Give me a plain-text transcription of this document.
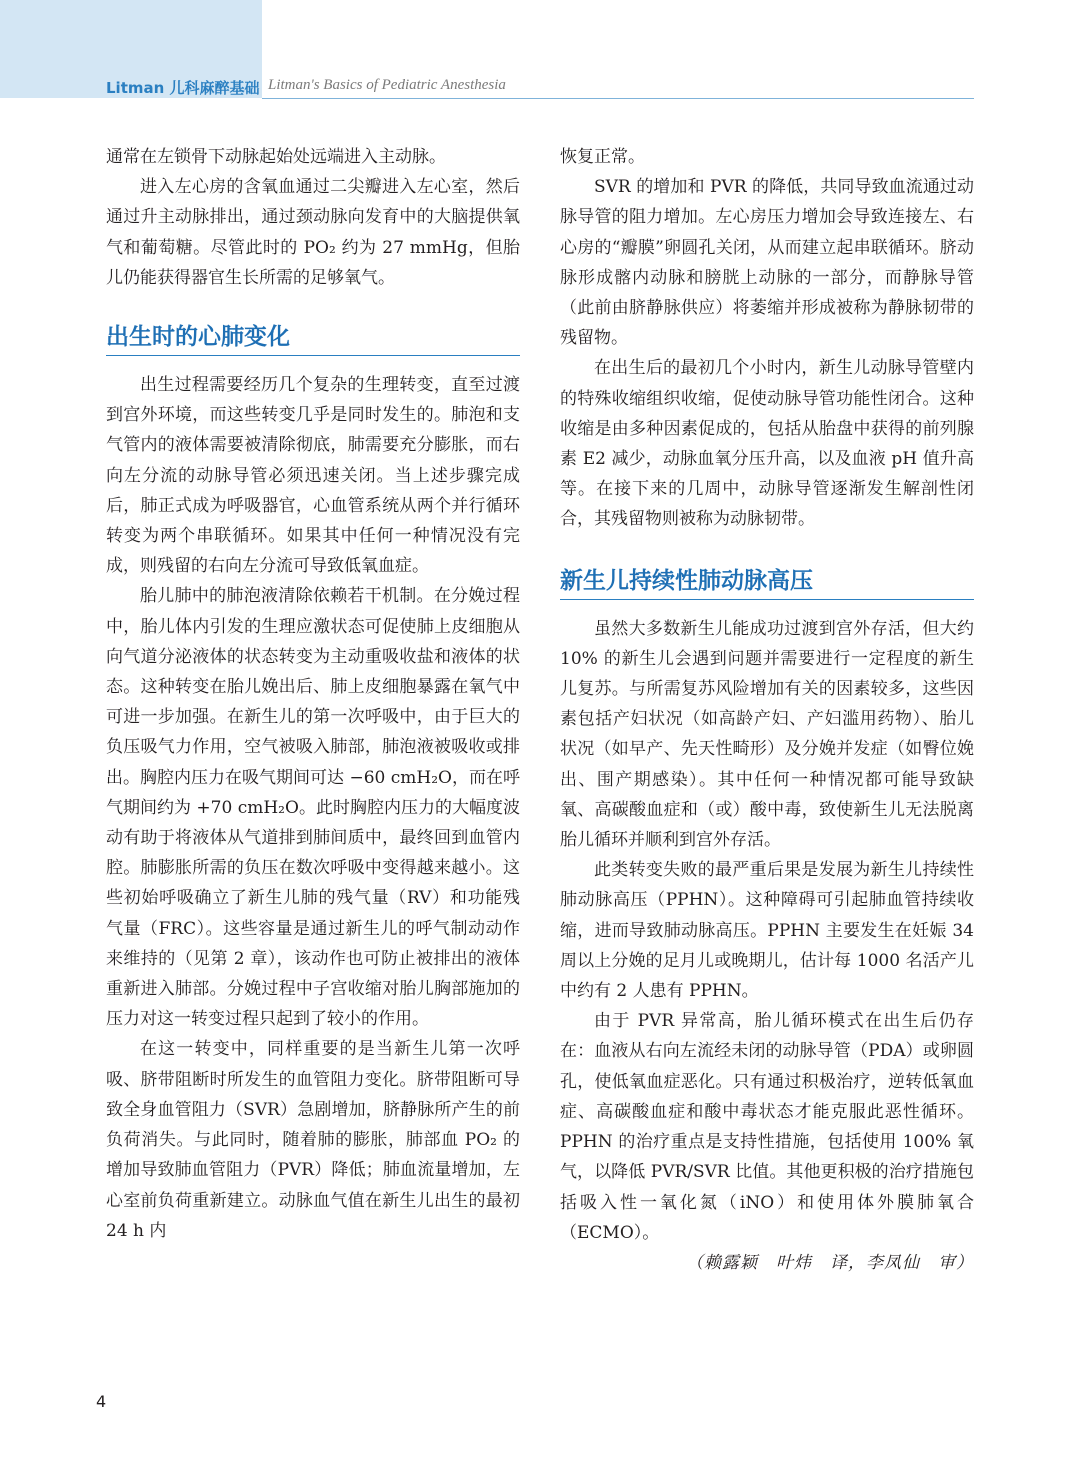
Litman 儿科麻醉基础 Litman's Basics of Pediatric Anesthesia

通常在左锁骨下动脉起始处远端进入主动脉。

进入左心房的含氧血通过二尖瓣进入左心室，然后通过升主动脉排出，通过颈动脉向发育中的大脑提供氧气和葡萄糖。尽管此时的 PO₂ 约为 27 mmHg，但胎儿仍能获得器官生长所需的足够氧气。

出生时的心肺变化

出生过程需要经历几个复杂的生理转变，直至过渡到宫外环境，而这些转变几乎是同时发生的。肺泡和支气管内的液体需要被清除彻底，肺需要充分膨胀，而右向左分流的动脉导管必须迅速关闭。当上述步骤完成后，肺正式成为呼吸器官，心血管系统从两个并行循环转变为两个串联循环。如果其中任何一种情况没有完成，则残留的右向左分流可导致低氧血症。

胎儿肺中的肺泡液清除依赖若干机制。在分娩过程中，胎儿体内引发的生理应激状态可促使肺上皮细胞从向气道分泌液体的状态转变为主动重吸收盐和液体的状态。这种转变在胎儿娩出后、肺上皮细胞暴露在氧气中可进一步加强。在新生儿的第一次呼吸中，由于巨大的负压吸气力作用，空气被吸入肺部，肺泡液被吸收或排出。胸腔内压力在吸气期间可达 −60 cmH₂O，而在呼气期间约为 +70 cmH₂O。此时胸腔内压力的大幅度波动有助于将液体从气道排到肺间质中，最终回到血管内腔。肺膨胀所需的负压在数次呼吸中变得越来越小。这些初始呼吸确立了新生儿肺的残气量（RV）和功能残气量（FRC）。这些容量是通过新生儿的呼气制动动作来维持的（见第 2 章），该动作也可防止被排出的液体重新进入肺部。分娩过程中子宫收缩对胎儿胸部施加的压力对这一转变过程只起到了较小的作用。

在这一转变中，同样重要的是当新生儿第一次呼吸、脐带阻断时所发生的血管阻力变化。脐带阻断可导致全身血管阻力（SVR）急剧增加，脐静脉所产生的前负荷消失。与此同时，随着肺的膨胀，肺部血 PO₂ 的增加导致肺血管阻力（PVR）降低；肺血流量增加，左心室前负荷重新建立。动脉血气值在新生儿出生的最初 24 h 内

恢复正常。

SVR 的增加和 PVR 的降低，共同导致血流通过动脉导管的阻力增加。左心房压力增加会导致连接左、右心房的“瓣膜”卵圆孔关闭，从而建立起串联循环。脐动脉形成髂内动脉和膀胱上动脉的一部分，而静脉导管（此前由脐静脉供应）将萎缩并形成被称为静脉韧带的残留物。

在出生后的最初几个小时内，新生儿动脉导管壁内的特殊收缩组织收缩，促使动脉导管功能性闭合。这种收缩是由多种因素促成的，包括从胎盘中获得的前列腺素 E2 减少，动脉血氧分压升高，以及血液 pH 值升高等。在接下来的几周中，动脉导管逐渐发生解剖性闭合，其残留物则被称为动脉韧带。

新生儿持续性肺动脉高压

虽然大多数新生儿能成功过渡到宫外存活，但大约 10% 的新生儿会遇到问题并需要进行一定程度的新生儿复苏。与所需复苏风险增加有关的因素较多，这些因素包括产妇状况（如高龄产妇、产妇滥用药物）、胎儿状况（如早产、先天性畸形）及分娩并发症（如臀位娩出、围产期感染）。其中任何一种情况都可能导致缺氧、高碳酸血症和（或）酸中毒，致使新生儿无法脱离胎儿循环并顺利到宫外存活。

此类转变失败的最严重后果是发展为新生儿持续性肺动脉高压（PPHN）。这种障碍可引起肺血管持续收缩，进而导致肺动脉高压。PPHN 主要发生在妊娠 34 周以上分娩的足月儿或晚期儿，估计每 1000 名活产儿中约有 2 人患有 PPHN。

由于 PVR 异常高，胎儿循环模式在出生后仍存在：血液从右向左流经未闭的动脉导管（PDA）或卵圆孔，使低氧血症恶化。只有通过积极治疗，逆转低氧血症、高碳酸血症和酸中毒状态才能克服此恶性循环。PPHN 的治疗重点是支持性措施，包括使用 100% 氧气，以降低 PVR/SVR 比值。其他更积极的治疗措施包括吸入性一氧化氮（iNO）和使用体外膜肺氧合（ECMO）。

（赖露颖　叶炜　译，李凤仙　审）

4
